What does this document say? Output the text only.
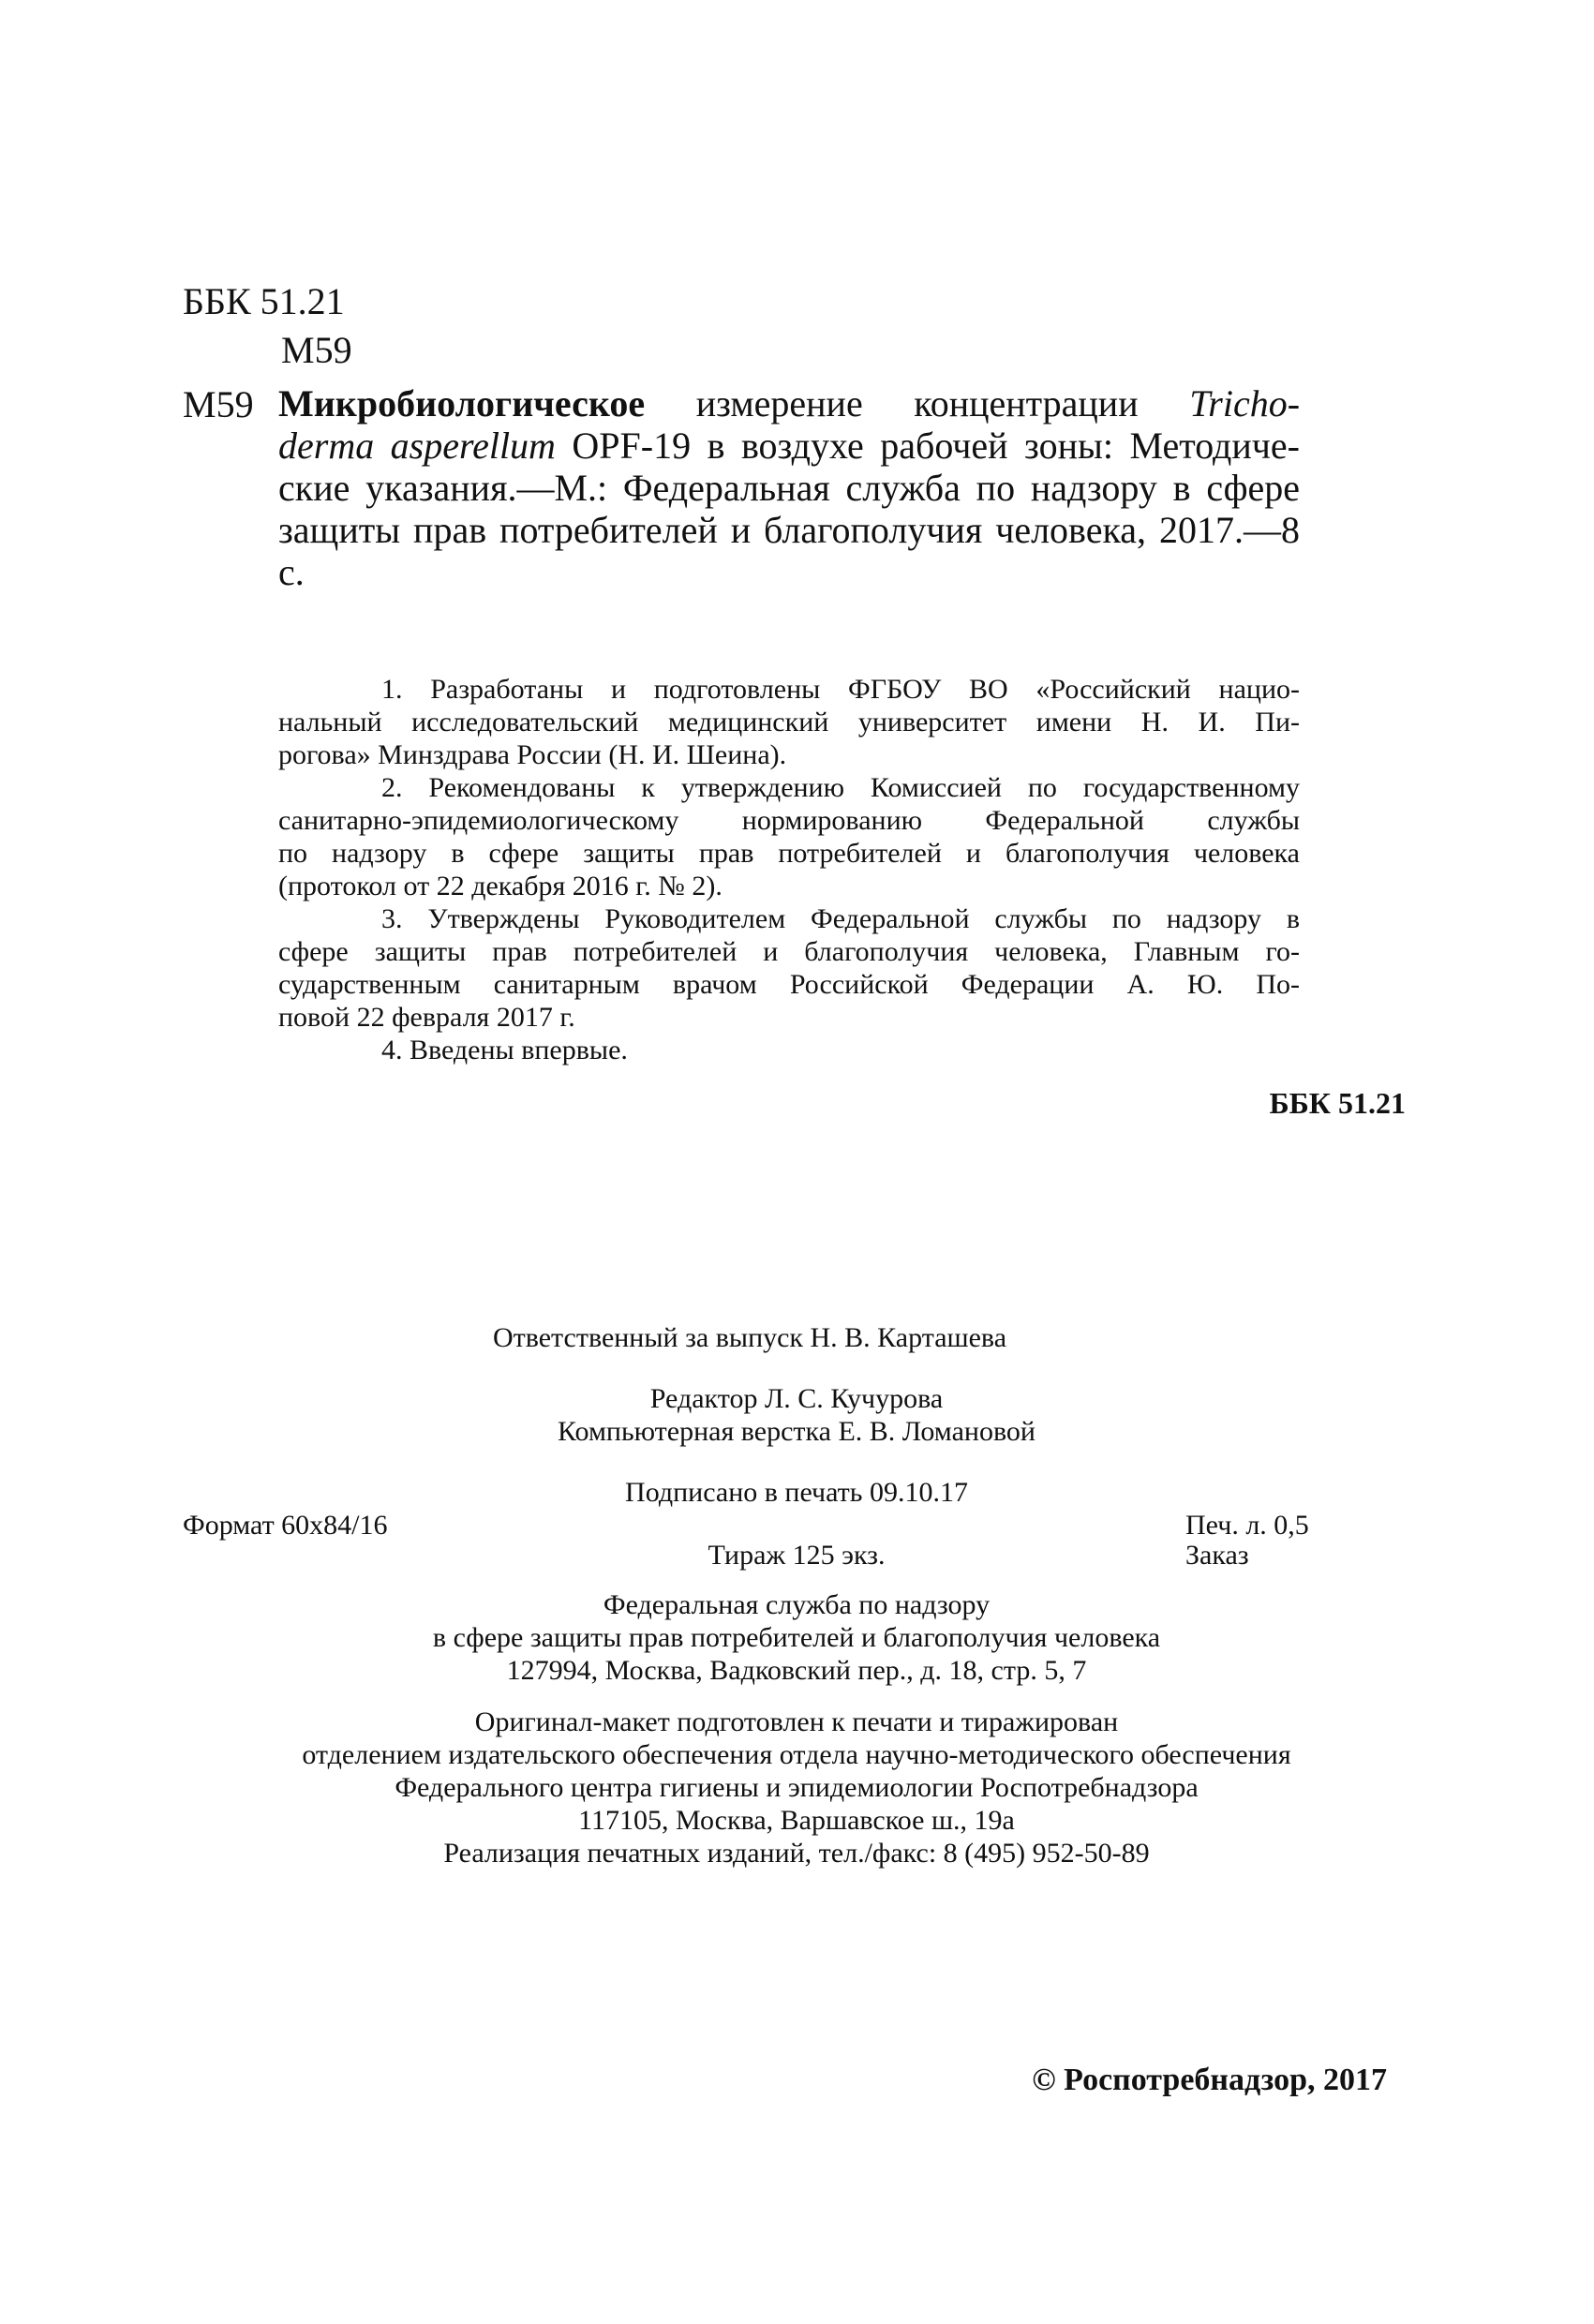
ББК 51.21
М59
М59 Микробиологическое измерение концентрации Tricho-
derma asperellum ОРF-19 в воздухе рабочей зоны: Методиче-
ские указания.—М.: Федеральная служба по надзору в сфере
защиты прав потребителей и благополучия человека, 2017.—8 с.
1. Разработаны и подготовлены ФГБОУ ВО «Российский нацио-
нальный исследовательский медицинский университет имени Н. И. Пи-
рогова» Минздрава России (Н. И. Шеина).
2. Рекомендованы к утверждению Комиссией по государственному
санитарно-эпидемиологическому нормированию Федеральной службы
по надзору в сфере защиты прав потребителей и благополучия человека
(протокол от 22 декабря 2016 г. № 2).
3. Утверждены Руководителем Федеральной службы по надзору в
сфере защиты прав потребителей и благополучия человека, Главным го-
сударственным санитарным врачом Российской Федерации А. Ю. По-
повой 22 февраля 2017 г.
4. Введены впервые.
ББК 51.21
Ответственный за выпуск Н. В. Карташева
Редактор Л. С. Кучурова
Компьютерная верстка Е. В. Ломановой
Подписано в печать 09.10.17
Формат 60x84/16	Печ. л. 0,5
Тираж 125 экз.	Заказ
Федеральная служба по надзору
в сфере защиты прав потребителей и благополучия человека
127994, Москва, Вадковский пер., д. 18, стр. 5, 7
Оригинал-макет подготовлен к печати и тиражирован
отделением издательского обеспечения отдела научно-методического обеспечения
Федерального центра гигиены и эпидемиологии Роспотребнадзора
117105, Москва, Варшавское ш., 19а
Реализация печатных изданий, тел./факс: 8 (495) 952-50-89
© Роспотребнадзор, 2017
